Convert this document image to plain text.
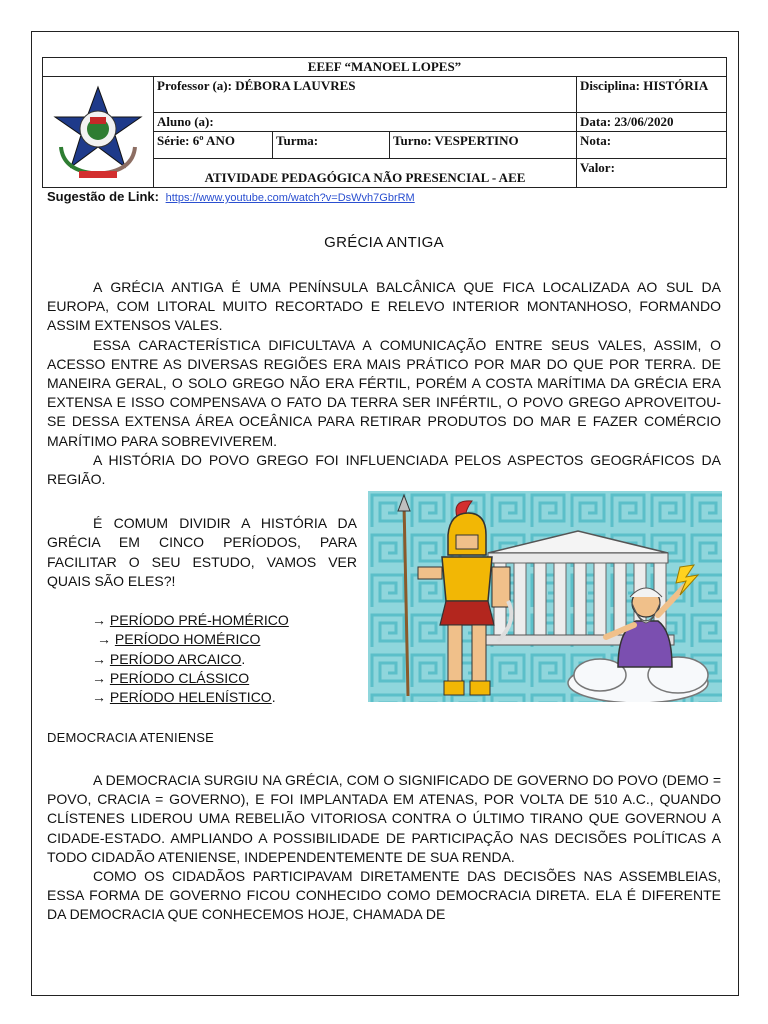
EEEF “MANOEL LOPES”				
	Professor (a): DÉBORA LAUVRES			Disciplina: HISTÓRIA
	Aluno (a):			Data: 23/06/2020
	Série: 6º ANO	Turma:	Turno: VESPERTINO	Nota:
	ATIVIDADE PEDAGÓGICA NÃO PRESENCIAL - AEE			Valor:
Sugestão de Link: https://www.youtube.com/watch?v=DsWvh7GbrRM
GRÉCIA ANTIGA

A GRÉCIA ANTIGA É UMA PENÍNSULA BALCÂNICA QUE FICA LOCALIZADA AO SUL DA EUROPA, COM LITORAL MUITO RECORTADO E RELEVO INTERIOR MONTANHOSO, FORMANDO ASSIM EXTENSOS VALES.

ESSA CARACTERÍSTICA DIFICULTAVA A COMUNICAÇÃO ENTRE SEUS VALES, ASSIM, O ACESSO ENTRE AS DIVERSAS REGIÕES ERA MAIS PRÁTICO POR MAR DO QUE POR TERRA. DE MANEIRA GERAL, O SOLO GREGO NÃO ERA FÉRTIL, PORÉM A COSTA MARÍTIMA DA GRÉCIA ERA EXTENSA E ISSO COMPENSAVA O FATO DA TERRA SER INFÉRTIL, O POVO GREGO APROVEITOU-SE DESSA EXTENSA ÁREA OCEÂNICA PARA RETIRAR PRODUTOS DO MAR E FAZER COMÉRCIO MARÍTIMO PARA SOBREVIVEREM.

A HISTÓRIA DO POVO GREGO FOI INFLUENCIADA PELOS ASPECTOS GEOGRÁFICOS DA REGIÃO.

É COMUM DIVIDIR A HISTÓRIA DA GRÉCIA EM CINCO PERÍODOS, PARA FACILITAR O SEU ESTUDO, VAMOS VER QUAIS SÃO ELES?!

→ PERÍODO PRÉ-HOMÉRICO
→ PERÍODO HOMÉRICO
→ PERÍODO ARCAICO.
→ PERÍODO CLÁSSICO
→ PERÍODO HELENÍSTICO.
DEMOCRACIA ATENIENSE

A DEMOCRACIA SURGIU NA GRÉCIA, COM O SIGNIFICADO DE GOVERNO DO POVO (DEMO = POVO, CRACIA = GOVERNO), E FOI IMPLANTADA EM ATENAS, POR VOLTA DE 510 A.C., QUANDO CLÍSTENES LIDEROU UMA REBELIÃO VITORIOSA CONTRA O ÚLTIMO TIRANO QUE GOVERNOU A CIDADE-ESTADO. AMPLIANDO A POSSIBILIDADE DE PARTICIPAÇÃO NAS DECISÕES POLÍTICAS A TODO CIDADÃO ATENIENSE, INDEPENDENTEMENTE DE SUA RENDA.

COMO OS CIDADÃOS PARTICIPAVAM DIRETAMENTE DAS DECISÕES NAS ASSEMBLEIAS, ESSA FORMA DE GOVERNO FICOU CONHECIDO COMO DEMOCRACIA DIRETA. ELA É DIFERENTE DA DEMOCRACIA QUE CONHECEMOS HOJE, CHAMADA DE
